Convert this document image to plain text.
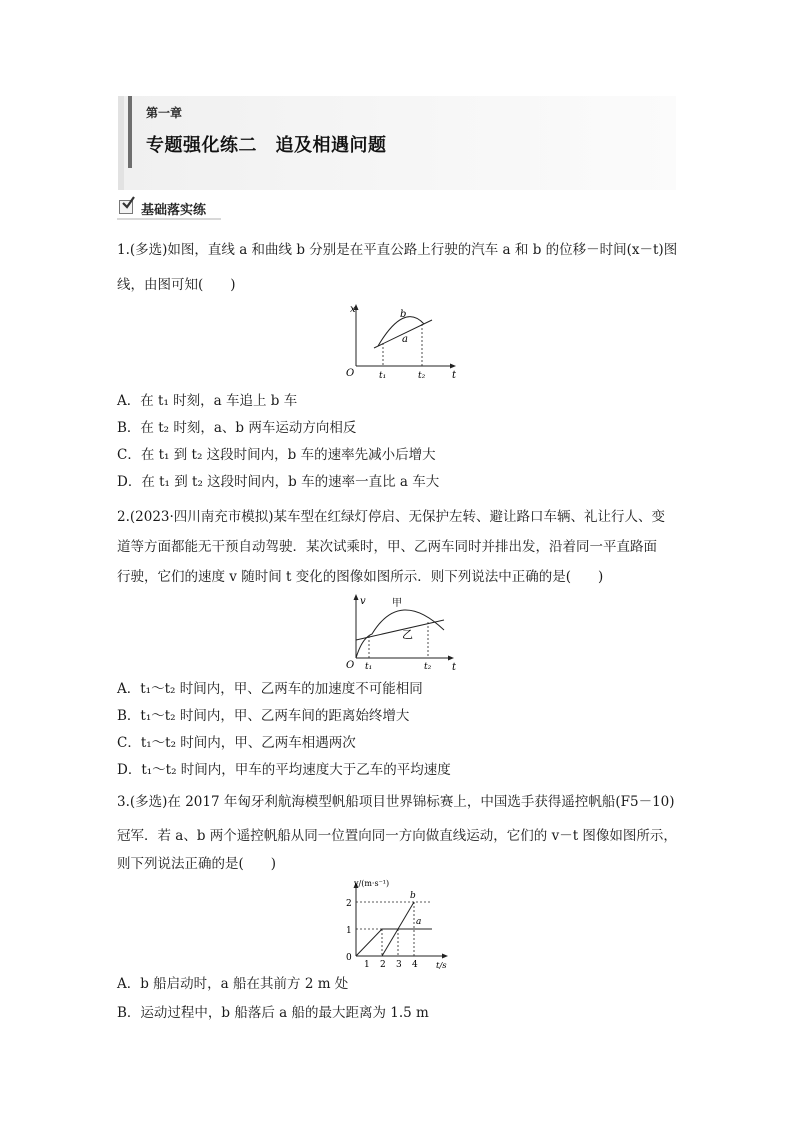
第一章
专题强化练二　追及相遇问题
基础落实练
1.(多选)如图，直线 a 和曲线 b 分别是在平直公路上行驶的汽车 a 和 b 的位移－时间(x－t)图
线，由图可知(　　)
x
t
O
b
a
t₁	t₂
A．在 t₁ 时刻，a 车追上 b 车
B．在 t₂ 时刻，a、b 两车运动方向相反
C．在 t₁ 到 t₂ 这段时间内，b 车的速率先减小后增大
D．在 t₁ 到 t₂ 这段时间内，b 车的速率一直比 a 车大
2.(2023·四川南充市模拟)某车型在红绿灯停启、无保护左转、避让路口车辆、礼让行人、变
道等方面都能无干预自动驾驶．某次试乘时，甲、乙两车同时并排出发，沿着同一平直路面
行驶，它们的速度 v 随时间 t 变化的图像如图所示．则下列说法中正确的是(　　)
v
t
O
甲
乙
t₁	t₂
A．t₁～t₂ 时间内，甲、乙两车的加速度不可能相同
B．t₁～t₂ 时间内，甲、乙两车间的距离始终增大
C．t₁～t₂ 时间内，甲、乙两车相遇两次
D．t₁～t₂ 时间内，甲车的平均速度大于乙车的平均速度
3.(多选)在 2017 年匈牙利航海模型帆船项目世界锦标赛上，中国选手获得遥控帆船(F5－10)
冠军．若 a、b 两个遥控帆船从同一位置向同一方向做直线运动，它们的 v－t 图像如图所示，
则下列说法正确的是(　　)
v/(m·s⁻¹)
t/s
0
1
2
1 2 3 4
a
b
A．b 船启动时，a 船在其前方 2 m 处
B．运动过程中，b 船落后 a 船的最大距离为 1.5 m
